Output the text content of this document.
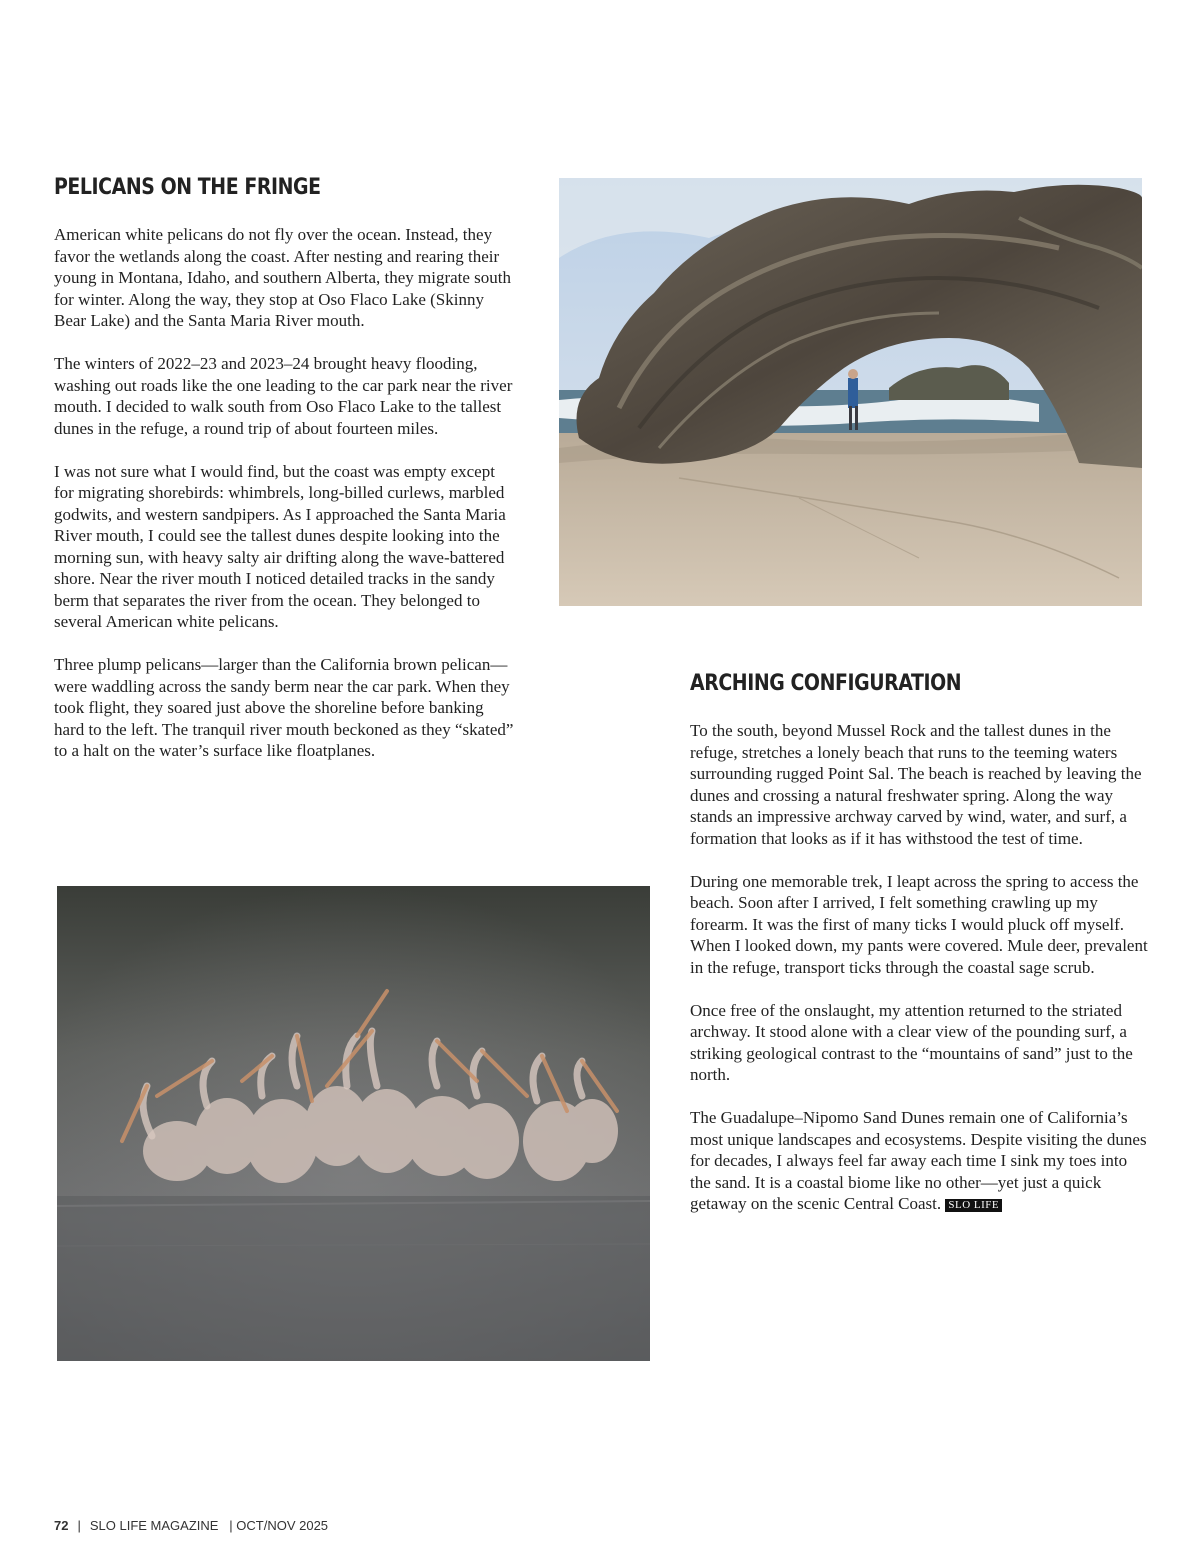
PELICANS ON THE FRINGE

American white pelicans do not fly over the ocean. Instead, they favor the wetlands along the coast. After nesting and rearing their young in Montana, Idaho, and southern Alberta, they migrate south for winter. Along the way, they stop at Oso Flaco Lake (Skinny Bear Lake) and the Santa Maria River mouth.

The winters of 2022–23 and 2023–24 brought heavy flooding, washing out roads like the one leading to the car park near the river mouth. I decided to walk south from Oso Flaco Lake to the tallest dunes in the refuge, a round trip of about fourteen miles.

I was not sure what I would find, but the coast was empty except for migrating shorebirds: whimbrels, long-billed curlews, marbled godwits, and western sandpipers. As I approached the Santa Maria River mouth, I could see the tallest dunes despite looking into the morning sun, with heavy salty air drifting along the wave-battered shore. Near the river mouth I noticed detailed tracks in the sandy berm that separates the river from the ocean. They belonged to several American white pelicans.

Three plump pelicans—larger than the California brown pelican—were waddling across the sandy berm near the car park. When they took flight, they soared just above the shoreline before banking hard to the left. The tranquil river mouth beckoned as they “skated” to a halt on the water’s surface like floatplanes.

ARCHING CONFIGURATION

To the south, beyond Mussel Rock and the tallest dunes in the refuge, stretches a lonely beach that runs to the teeming waters surrounding rugged Point Sal. The beach is reached by leaving the dunes and crossing a natural freshwater spring. Along the way stands an impressive archway carved by wind, water, and surf, a formation that looks as if it has withstood the test of time.

During one memorable trek, I leapt across the spring to access the beach. Soon after I arrived, I felt something crawling up my forearm. It was the first of many ticks I would pluck off myself. When I looked down, my pants were covered. Mule deer, prevalent in the refuge, transport ticks through the coastal sage scrub.

Once free of the onslaught, my attention returned to the striated archway. It stood alone with a clear view of the pounding surf, a striking geological contrast to the “mountains of sand” just to the north.

The Guadalupe–Nipomo Sand Dunes remain one of California’s most unique landscapes and ecosystems. Despite visiting the dunes for decades, I always feel far away each time I sink my toes into the sand. It is a coastal biome like no other—yet just a quick getaway on the scenic Central Coast. SLO LIFE

72 | SLO LIFE MAGAZINE | OCT/NOV 2025
